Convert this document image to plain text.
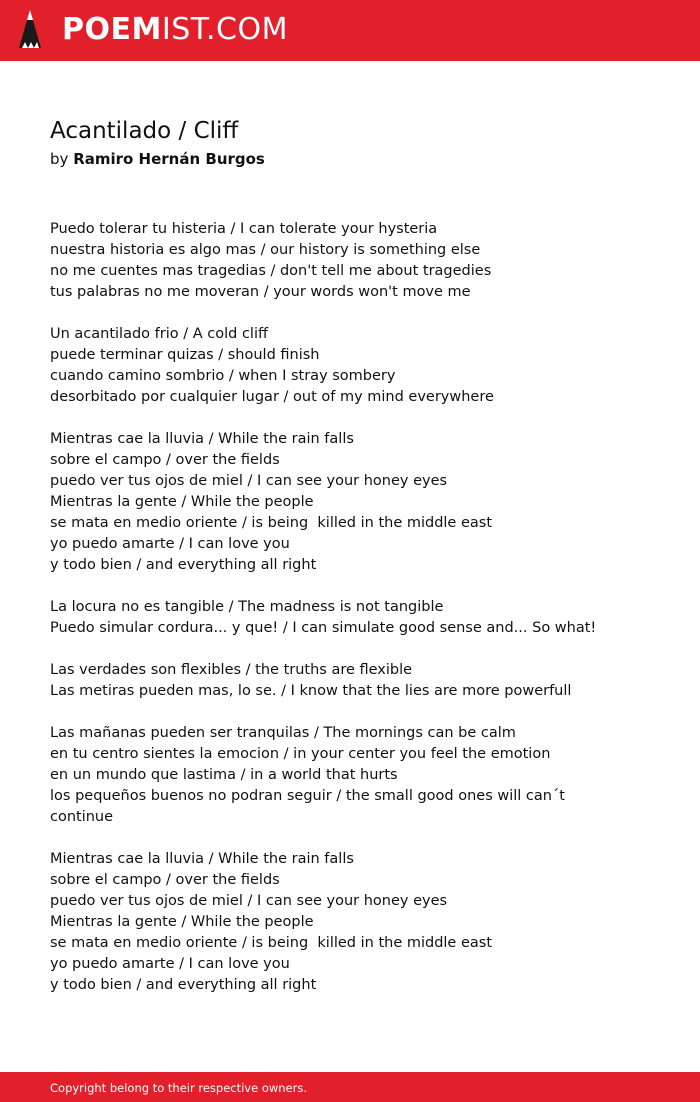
POEMIST.COM
Acantilado / Cliff
by Ramiro Hernán Burgos
Puedo tolerar tu histeria / I can tolerate your hysteria
nuestra historia es algo mas / our history is something else
no me cuentes mas tragedias / don't tell me about tragedies
tus palabras no me moveran / your words won't move me
Un acantilado frio / A cold cliff
puede terminar quizas / should finish
cuando camino sombrio / when I stray sombery
desorbitado por cualquier lugar / out of my mind everywhere
Mientras cae la lluvia / While the rain falls
sobre el campo / over the fields
puedo ver tus ojos de miel / I can see your honey eyes
Mientras la gente / While the people
se mata en medio oriente / is being  killed in the middle east
yo puedo amarte / I can love you
y todo bien / and everything all right
La locura no es tangible / The madness is not tangible
Puedo simular cordura... y que! / I can simulate good sense and... So what!
Las verdades son flexibles / the truths are flexible
Las metiras pueden mas, lo se. / I know that the lies are more powerfull
Las mañanas pueden ser tranquilas / The mornings can be calm
en tu centro sientes la emocion / in your center you feel the emotion
en un mundo que lastima / in a world that hurts
los pequeños buenos no podran seguir / the small good ones will can´t
continue
Mientras cae la lluvia / While the rain falls
sobre el campo / over the fields
puedo ver tus ojos de miel / I can see your honey eyes
Mientras la gente / While the people
se mata en medio oriente / is being  killed in the middle east
yo puedo amarte / I can love you
y todo bien / and everything all right
Copyright belong to their respective owners.
